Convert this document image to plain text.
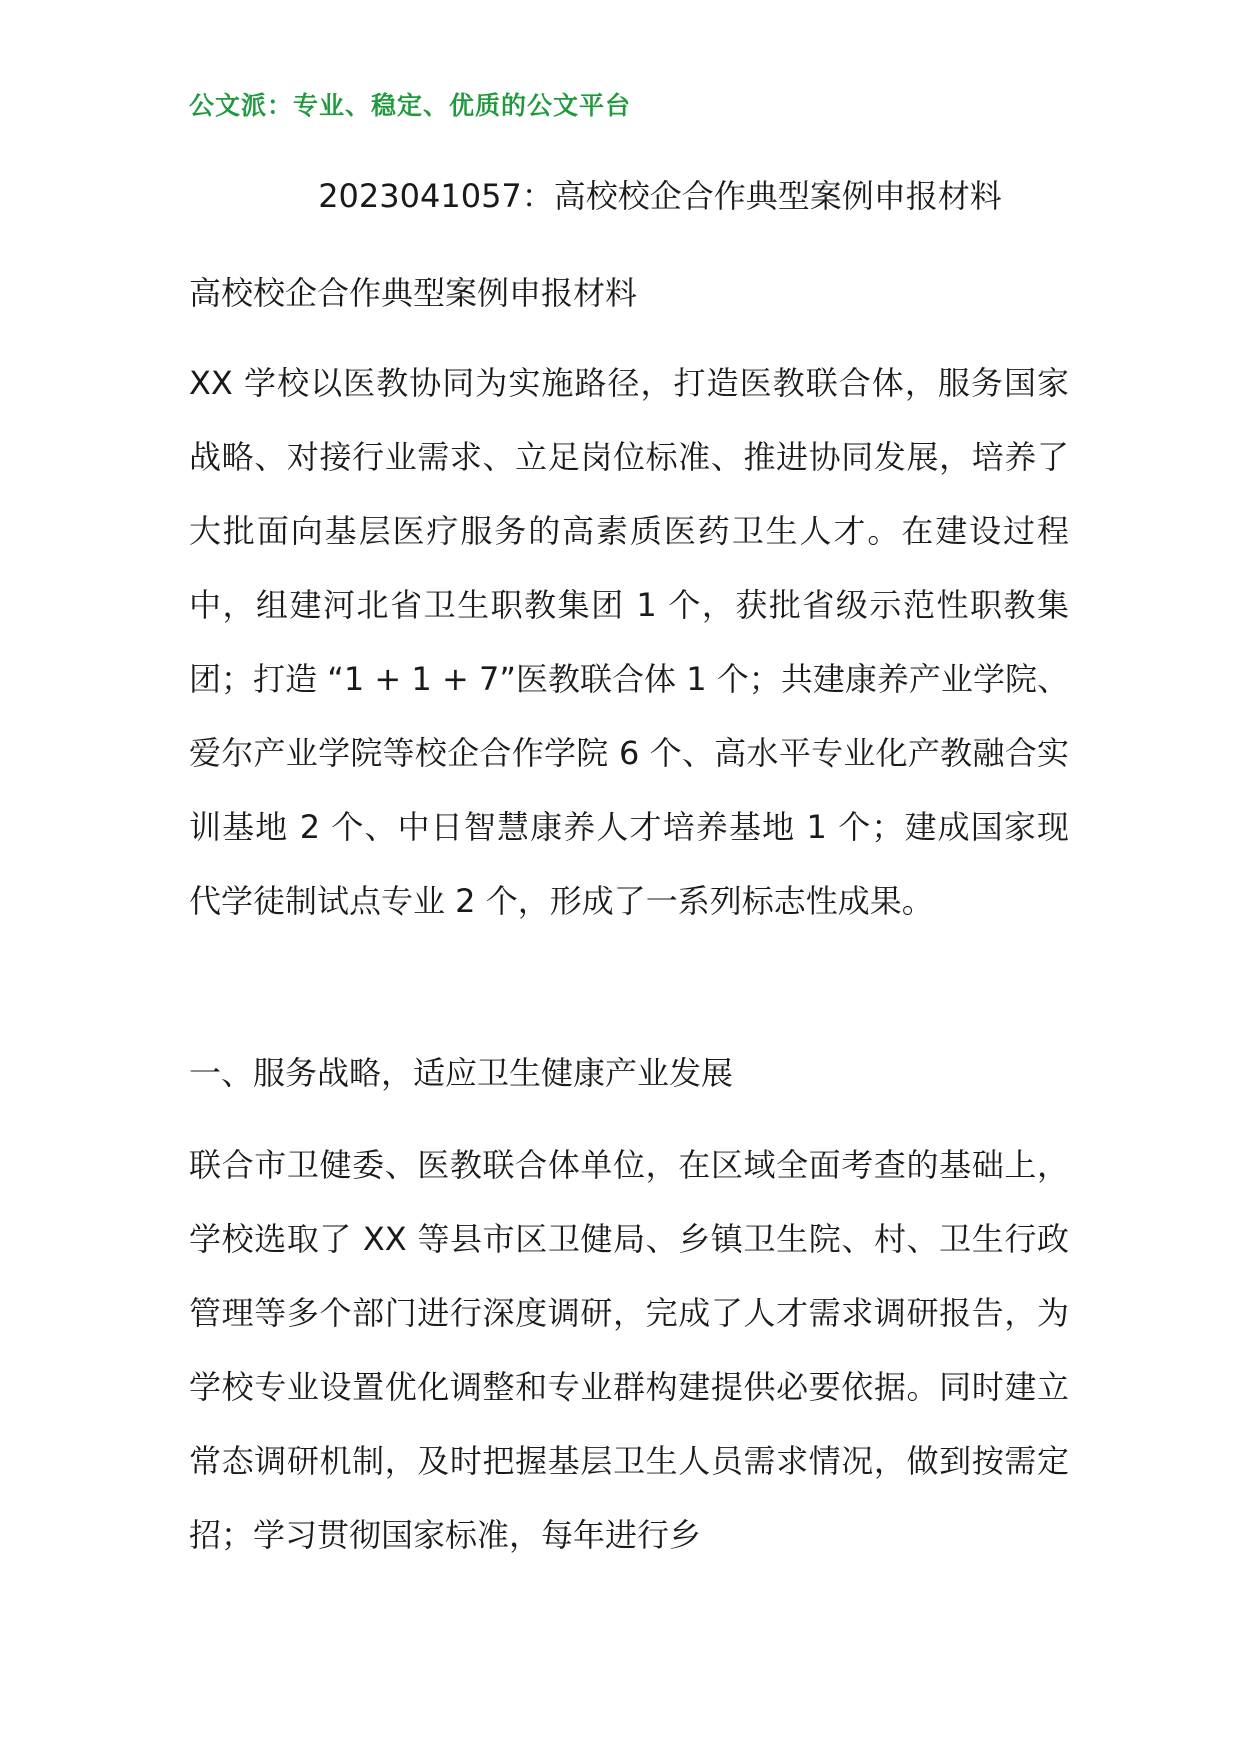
公文派：专业、稳定、优质的公文平台
2023041057：高校校企合作典型案例申报材料
高校校企合作典型案例申报材料
XX 学校以医教协同为实施路径，打造医教联合体，服务国家战略、对接行业需求、立足岗位标准、推进协同发展，培养了大批面向基层医疗服务的高素质医药卫生人才。在建设过程中，组建河北省卫生职教集团 1 个，获批省级示范性职教集团；打造 “1 + 1 + 7”医教联合体 1 个；共建康养产业学院、爱尔产业学院等校企合作学院 6 个、高水平专业化产教融合实训基地 2 个、中日智慧康养人才培养基地 1 个；建成国家现代学徒制试点专业 2 个，形成了一系列标志性成果。
一、服务战略，适应卫生健康产业发展
联合市卫健委、医教联合体单位，在区域全面考查的基础上，学校选取了 XX 等县市区卫健局、乡镇卫生院、村、卫生行政管理等多个部门进行深度调研，完成了人才需求调研报告，为学校专业设置优化调整和专业群构建提供必要依据。同时建立常态调研机制，及时把握基层卫生人员需求情况，做到按需定招；学习贯彻国家标准，每年进行乡
